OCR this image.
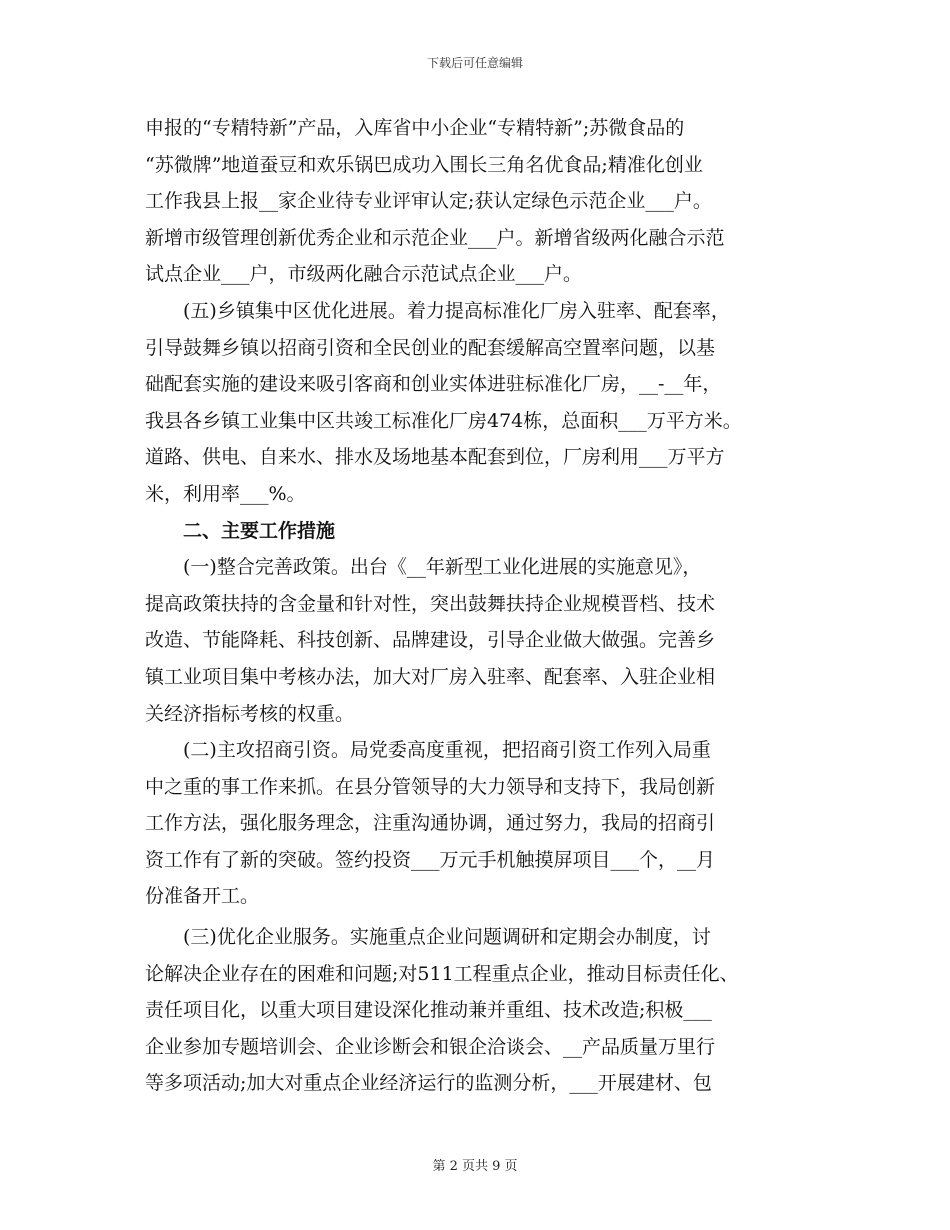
下载后可任意编辑
申报的“专精特新”产品，入库省中小企业“专精特新”;苏微食品的
“苏微牌”地道蚕豆和欢乐锅巴成功入围长三角名优食品;精准化创业
工作我县上报__家企业待专业评审认定;获认定绿色示范企业___户。
新增市级管理创新优秀企业和示范企业___户。新增省级两化融合示范
试点企业___户，市级两化融合示范试点企业___户。
(五)乡镇集中区优化进展。着力提高标准化厂房入驻率、配套率，
引导鼓舞乡镇以招商引资和全民创业的配套缓解高空置率问题，以基
础配套实施的建设来吸引客商和创业实体进驻标准化厂房，__-__年，
我县各乡镇工业集中区共竣工标准化厂房474栋，总面积___万平方米。
道路、供电、自来水、排水及场地基本配套到位，厂房利用___万平方
米，利用率___%。
二、主要工作措施
(一)整合完善政策。出台《__年新型工业化进展的实施意见》，
提高政策扶持的含金量和针对性，突出鼓舞扶持企业规模晋档、技术
改造、节能降耗、科技创新、品牌建设，引导企业做大做强。完善乡
镇工业项目集中考核办法，加大对厂房入驻率、配套率、入驻企业相
关经济指标考核的权重。
(二)主攻招商引资。局党委高度重视，把招商引资工作列入局重
中之重的事工作来抓。在县分管领导的大力领导和支持下，我局创新
工作方法，强化服务理念，注重沟通协调，通过努力，我局的招商引
资工作有了新的突破。签约投资___万元手机触摸屏项目___个，__月
份准备开工。
(三)优化企业服务。实施重点企业问题调研和定期会办制度，讨
论解决企业存在的困难和问题;对511工程重点企业，推动目标责任化、
责任项目化，以重大项目建设深化推动兼并重组、技术改造;积极___
企业参加专题培训会、企业诊断会和银企洽谈会、__产品质量万里行
等多项活动;加大对重点企业经济运行的监测分析，___开展建材、包
第 2 页共 9 页
